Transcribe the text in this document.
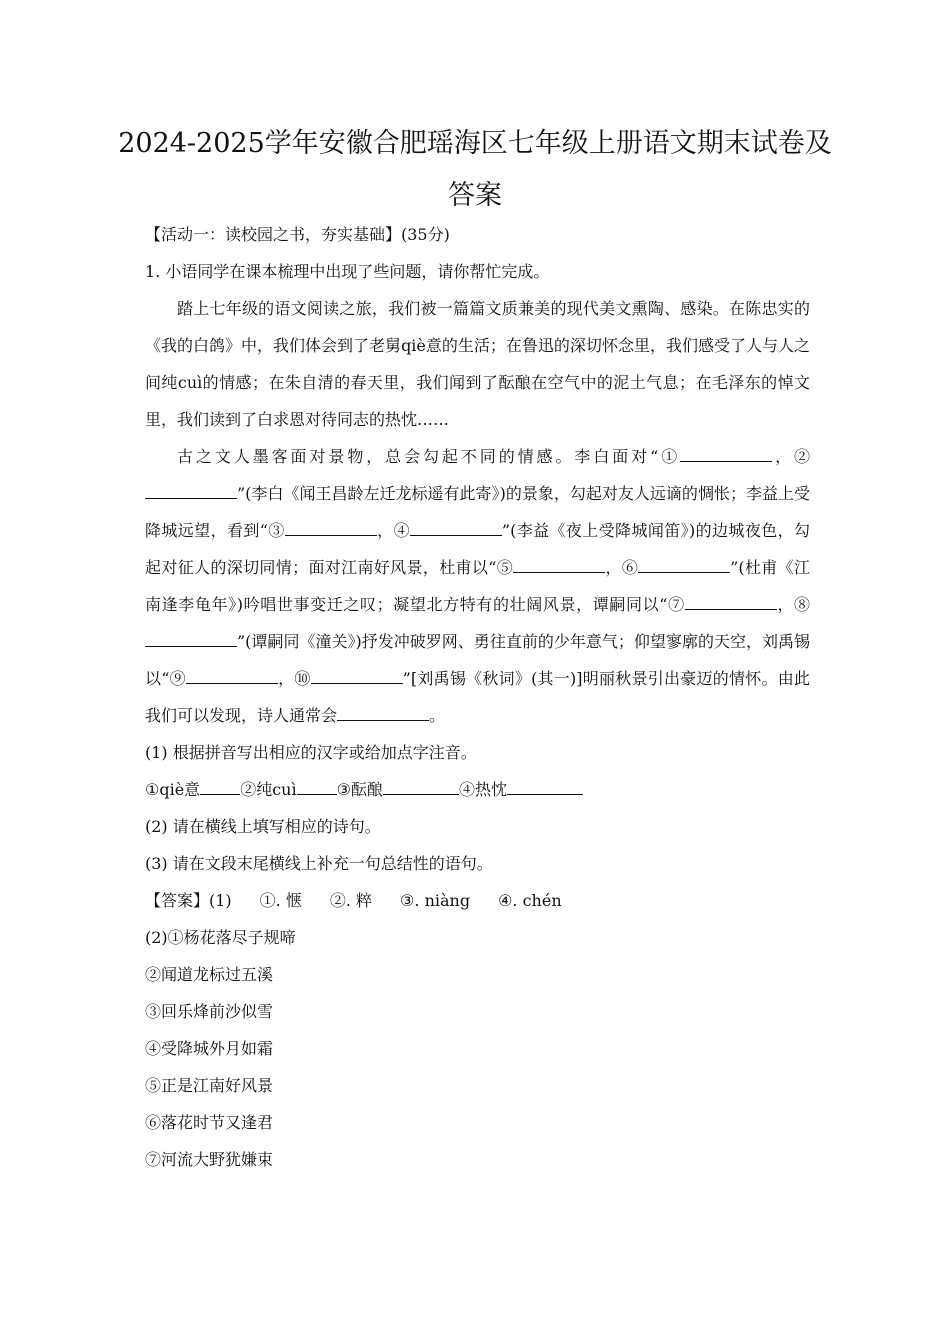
2024-2025学年安徽合肥瑶海区七年级上册语文期末试卷及
答案
【活动一：读校园之书，夯实基础】(35分)
1. 小语同学在课本梳理中出现了些问题，请你帮忙完成。
踏上七年级的语文阅读之旅，我们被一篇篇文质兼美的现代美文熏陶、感染。在陈忠实的《我的白鸽》中，我们体会到了老舅qiè意的生活；在鲁迅的深切怀念里，我们感受了人与人之间纯cuì的情感；在朱自清的春天里，我们闻到了酝酿在空气中的泥土气息；在毛泽东的悼文里，我们读到了白求恩对待同志的热忱……
古之文人墨客面对景物，总会勾起不同的情感。李白面对“①	，②”(李白《闻王昌龄左迁龙标遥有此寄》)的景象，勾起对友人远谪的惆怅；李益上受降城远望，看到“③	，④	”(李益《夜上受降城闻笛》)的边城夜色，勾起对征人的深切同情；面对江南好风景，杜甫以“⑤	，⑥	”(杜甫《江南逢李龟年》)吟唱世事变迁之叹；凝望北方特有的壮阔风景，谭嗣同以“⑦	，⑧”(谭嗣同《潼关》)抒发冲破罗网、勇往直前的少年意气；仰望寥廓的天空，刘禹锡以“⑨	，⑩	”[刘禹锡《秋词》(其一)]明丽秋景引出豪迈的情怀。由此我们可以发现，诗人通常会	。
(1) 根据拼音写出相应的汉字或给加点字注音。
①qiè意	②纯cuì	③酝酿	④热忱
(2) 请在横线上填写相应的诗句。
(3) 请在文段末尾横线上补充一句总结性的语句。
【答案】(1) ①. 惬 ②. 粹 ③. niàng ④. chén
(2)①杨花落尽子规啼
②闻道龙标过五溪
③回乐烽前沙似雪
④受降城外月如霜
⑤正是江南好风景
⑥落花时节又逢君
⑦河流大野犹嫌束
